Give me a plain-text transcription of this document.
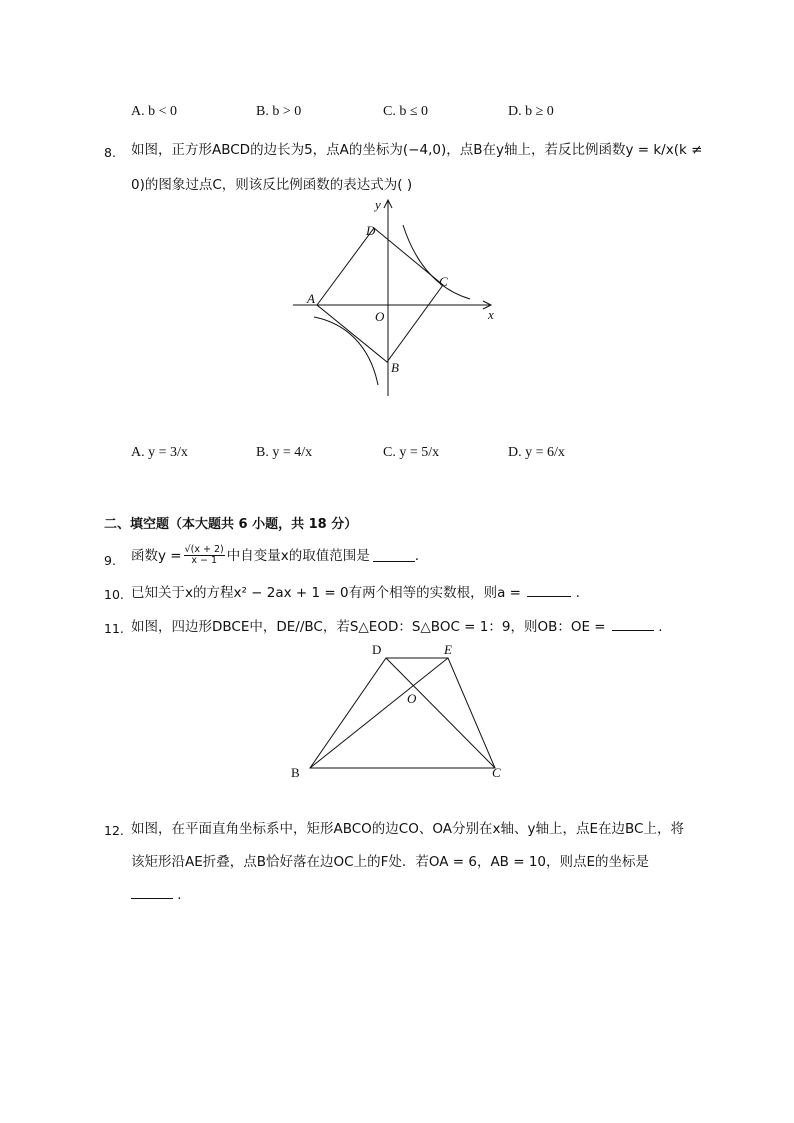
A. b < 0	B. b > 0	C. b ≤ 0	D. b ≥ 0
8. 如图，正方形ABCD的边长为5，点A的坐标为(−4,0)，点B在y轴上，若反比例函数y = k/x(k ≠
0)的图象过点C，则该反比例函数的表达式为( )
D
C
A
O
B
x
y
A. y = 3/x	B. y = 4/x	C. y = 5/x	D. y = 6/x
二、填空题（本大题共 6 小题，共 18 分）
9. 函数$y = \frac{√(x + 2)}{x - 1}$ 中自变量x的取值范围是	.
10. 已知关于x的方程x² − 2ax + 1 = 0有两个相等的实数根，则a =	.
11. 如图，四边形DBCE中，DE//BC，若S△EOD：S△BOC = 1：9，则OB：OE =	.
D	E
O
B	C
12. 如图，在平面直角坐标系中，矩形ABCO的边CO、OA分别在x轴、y轴上，点E在边BC上，将
该矩形沿AE折叠，点B恰好落在边OC上的F处．若OA = 6，AB = 10，则点E的坐标是
.
